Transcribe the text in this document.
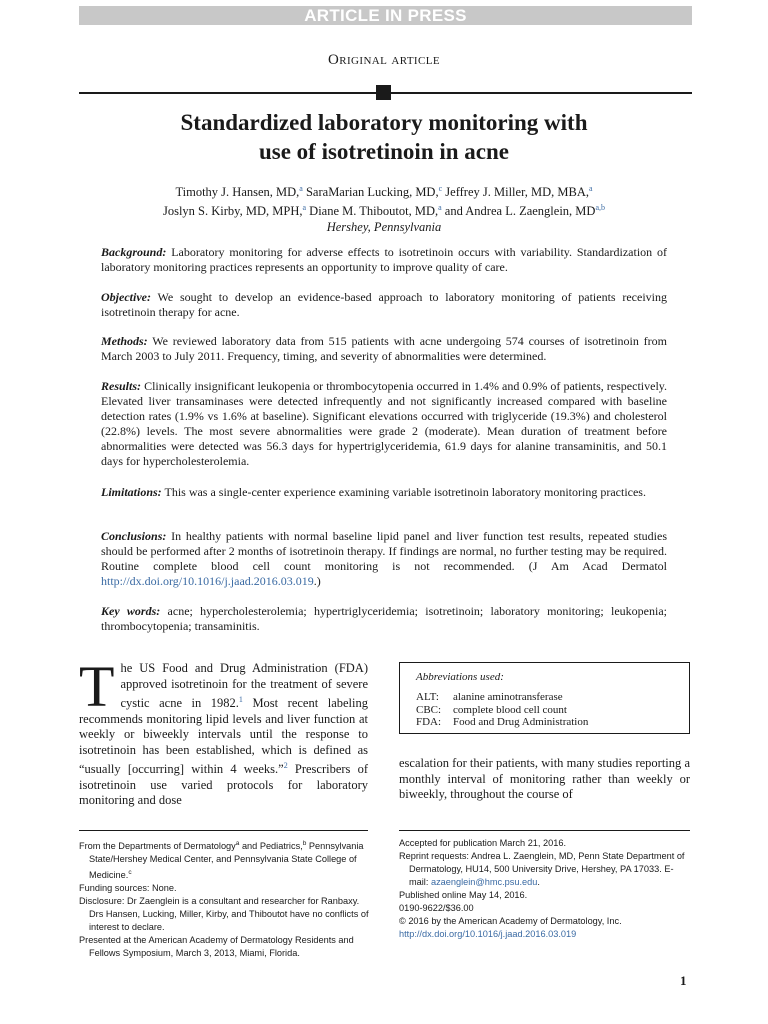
ARTICLE IN PRESS
Original article
Standardized laboratory monitoring with
use of isotretinoin in acne
Timothy J. Hansen, MD,$^a$ SaraMarian Lucking, MD,$^c$ Jeffrey J. Miller, MD, MBA,$^a$
Joslyn S. Kirby, MD, MPH,$^a$ Diane M. Thiboutot, MD,$^a$ and Andrea L. Zaenglein, MD$^{a,b}$
Hershey, Pennsylvania
Background: Laboratory monitoring for adverse effects to isotretinoin occurs with variability. Standardization of laboratory monitoring practices represents an opportunity to improve quality of care.
Objective: We sought to develop an evidence-based approach to laboratory monitoring of patients receiving isotretinoin therapy for acne.
Methods: We reviewed laboratory data from 515 patients with acne undergoing 574 courses of isotretinoin from March 2003 to July 2011. Frequency, timing, and severity of abnormalities were determined.
Results: Clinically insignificant leukopenia or thrombocytopenia occurred in 1.4% and 0.9% of patients, respectively. Elevated liver transaminases were detected infrequently and not significantly increased compared with baseline detection rates (1.9% vs 1.6% at baseline). Significant elevations occurred with triglyceride (19.3%) and cholesterol (22.8%) levels. The most severe abnormalities were grade 2 (moderate). Mean duration of treatment before abnormalities were detected was 56.3 days for hypertriglyceridemia, 61.9 days for alanine transaminitis, and 50.1 days for hypercholesterolemia.
Limitations: This was a single-center experience examining variable isotretinoin laboratory monitoring practices.
Conclusions: In healthy patients with normal baseline lipid panel and liver function test results, repeated studies should be performed after 2 months of isotretinoin therapy. If findings are normal, no further testing may be required. Routine complete blood cell count monitoring is not recommended. (J Am Acad Dermatol http://dx.doi.org/10.1016/j.jaad.2016.03.019.)
Key words: acne; hypercholesterolemia; hypertriglyceridemia; isotretinoin; laboratory monitoring; leukopenia; thrombocytopenia; transaminitis.
The US Food and Drug Administration (FDA) approved isotretinoin for the treatment of severe cystic acne in 1982.$^1$ Most recent labeling recommends monitoring lipid levels and liver function at weekly or biweekly intervals until the response to isotretinoin has been established, which is defined as “usually [occurring] within 4 weeks.”$^2$ Prescribers of isotretinoin use varied protocols for laboratory monitoring and dose
Abbreviations used:
ALT:	alanine aminotransferase
CBC:	complete blood cell count
FDA:	Food and Drug Administration
escalation for their patients, with many studies reporting a monthly interval of monitoring rather than weekly or biweekly, throughout the course of

From the Departments of Dermatology$^a$ and Pediatrics,$^b$ Pennsylvania State/Hershey Medical Center, and Pennsylvania State College of Medicine.$^c$

Funding sources: None.

Disclosure: Dr Zaenglein is a consultant and researcher for Ranbaxy. Drs Hansen, Lucking, Miller, Kirby, and Thiboutot have no conflicts of interest to declare.

Presented at the American Academy of Dermatology Residents and Fellows Symposium, March 3, 2013, Miami, Florida.

Accepted for publication March 21, 2016.

Reprint requests: Andrea L. Zaenglein, MD, Penn State Department of Dermatology, HU14, 500 University Drive, Hershey, PA 17033. E-mail: azaenglein@hmc.psu.edu.

Published online May 14, 2016.

0190-9622/$36.00

© 2016 by the American Academy of Dermatology, Inc.

http://dx.doi.org/10.1016/j.jaad.2016.03.019

1
